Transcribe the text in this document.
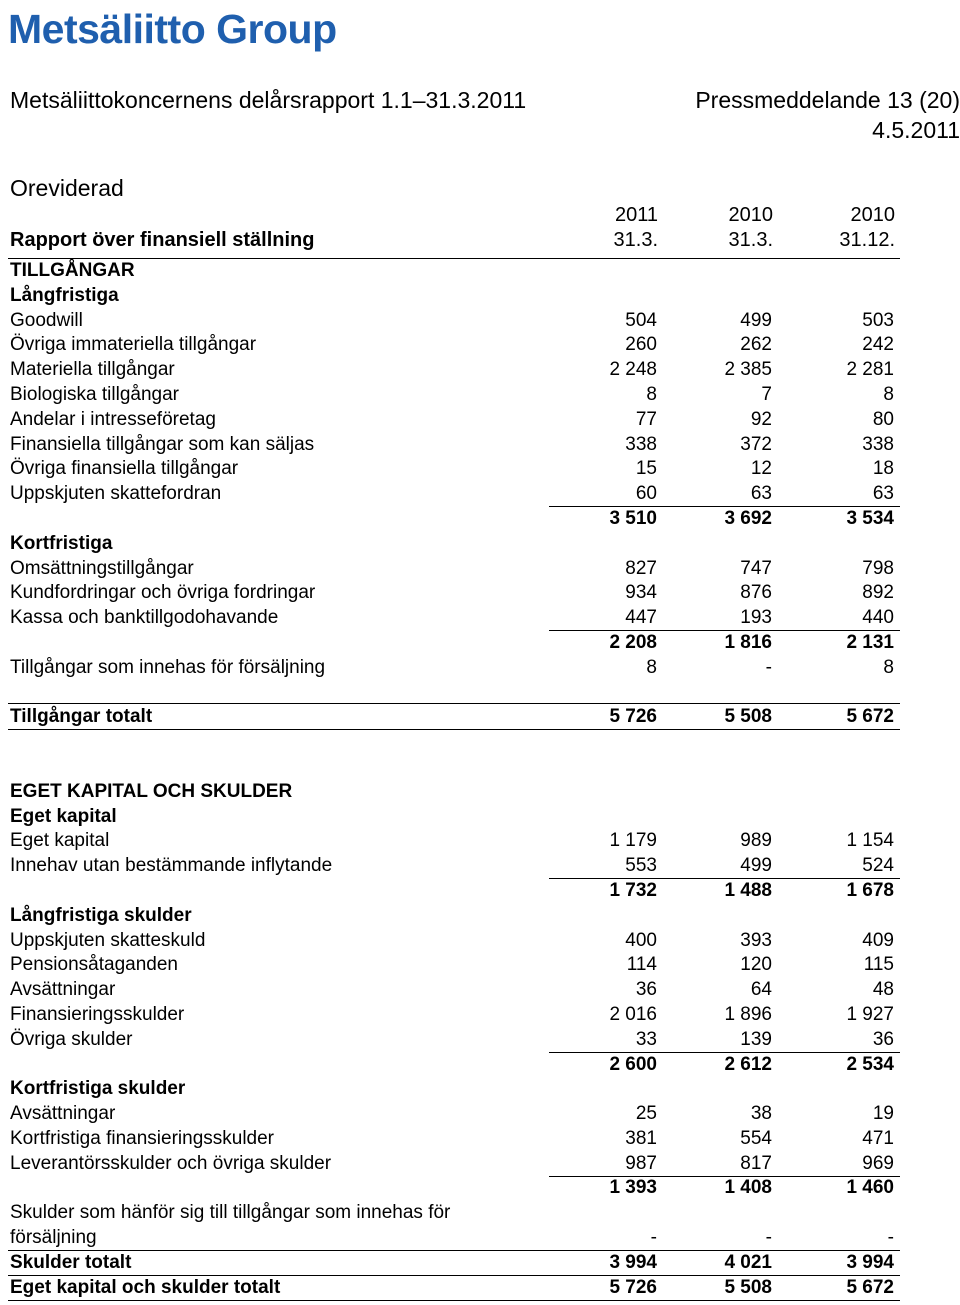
Metsäliitto Group
Metsäliittokoncernens delårsrapport 1.1–31.3.2011	Pressmeddelande 13 (20)
4.5.2011
Oreviderad
2011	2010	2010
Rapport över finansiell ställning	31.3.	31.3.	31.12.
TILLGÅNGAR
Långfristiga
Goodwill	504	499	503
Övriga immateriella tillgångar	260	262	242
Materiella tillgångar	2 248	2 385	2 281
Biologiska tillgångar	8	7	8
Andelar i intresseföretag	77	92	80
Finansiella tillgångar som kan säljas	338	372	338
Övriga finansiella tillgångar	15	12	18
Uppskjuten skattefordran	60	63	63
3 510	3 692	3 534
Kortfristiga
Omsättningstillgångar	827	747	798
Kundfordringar och övriga fordringar	934	876	892
Kassa och banktillgodohavande	447	193	440
2 208	1 816	2 131
Tillgångar som innehas för försäljning	8	-	8
Tillgångar totalt	5 726	5 508	5 672
EGET KAPITAL OCH SKULDER
Eget kapital
Eget kapital	1 179	989	1 154
Innehav utan bestämmande inflytande	553	499	524
1 732	1 488	1 678
Långfristiga skulder
Uppskjuten skatteskuld	400	393	409
Pensionsåtaganden	114	120	115
Avsättningar	36	64	48
Finansieringsskulder	2 016	1 896	1 927
Övriga skulder	33	139	36
2 600	2 612	2 534
Kortfristiga skulder
Avsättningar	25	38	19
Kortfristiga finansieringsskulder	381	554	471
Leverantörsskulder och övriga skulder	987	817	969
1 393	1 408	1 460
Skulder som hänför sig till tillgångar som innehas för
försäljning	-	-	-
Skulder totalt	3 994	4 021	3 994
Eget kapital och skulder totalt	5 726	5 508	5 672
